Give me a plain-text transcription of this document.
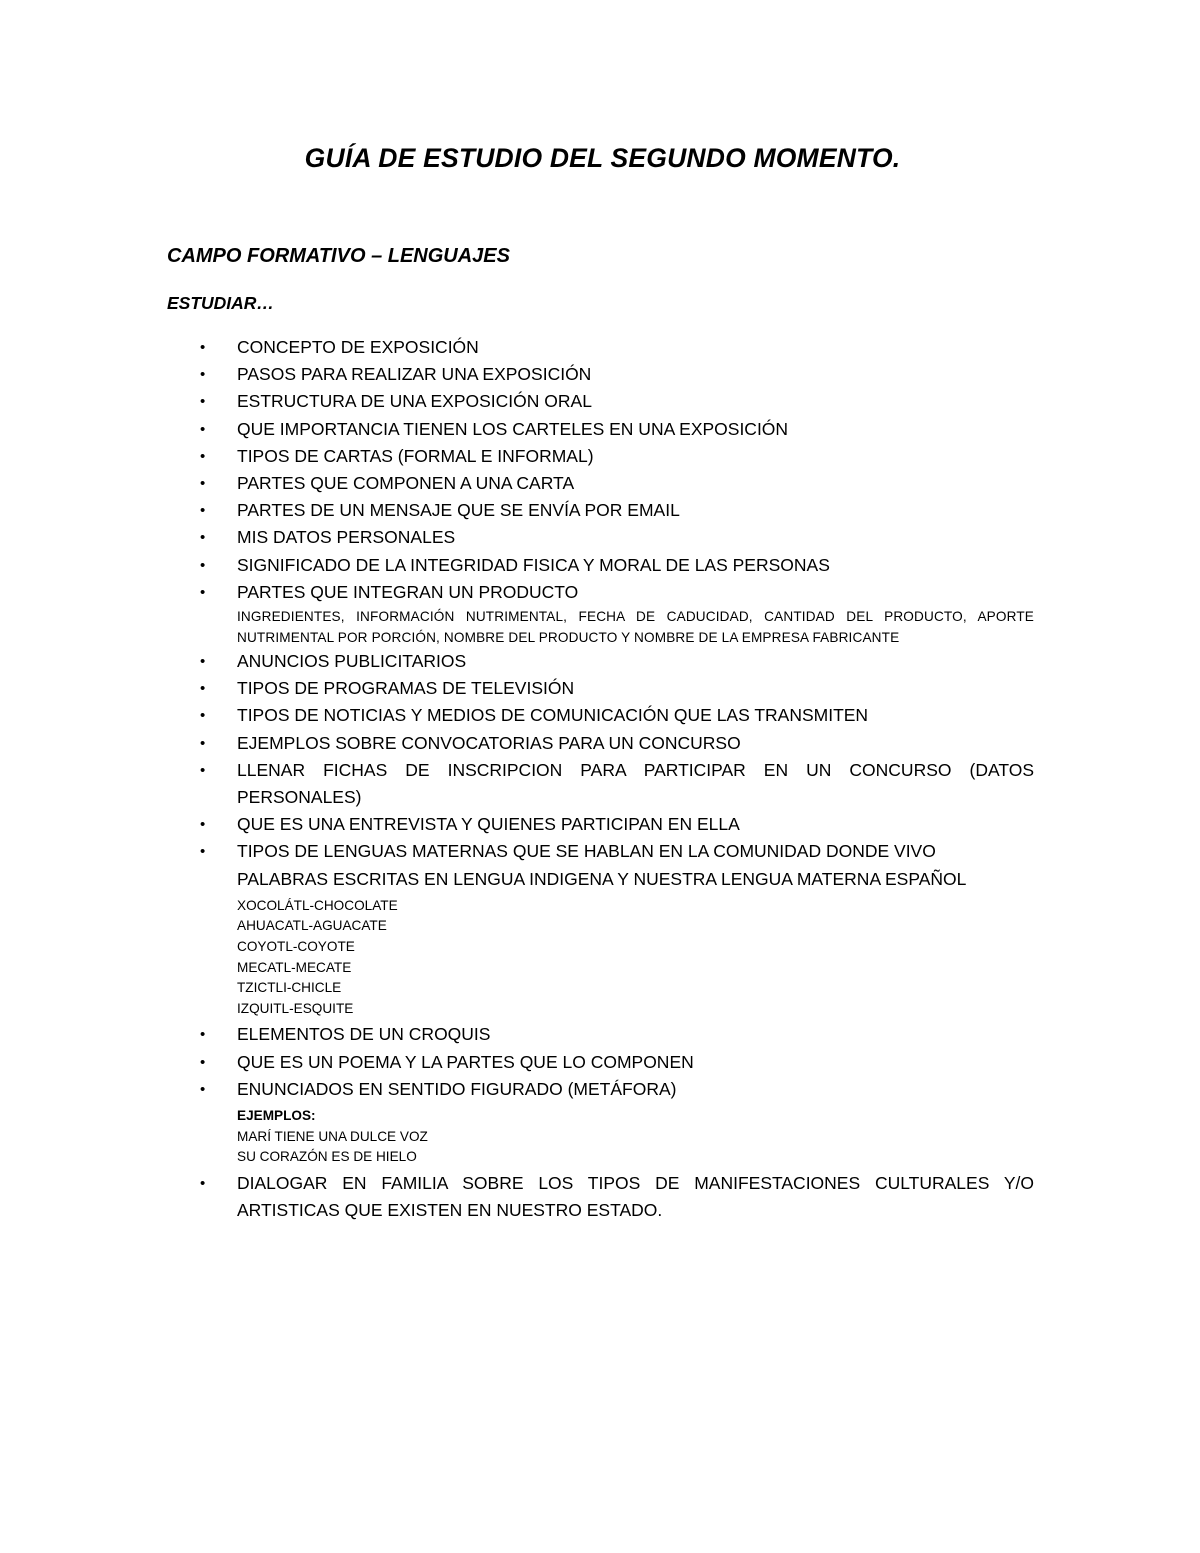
GUÍA DE ESTUDIO DEL SEGUNDO MOMENTO.
CAMPO FORMATIVO – LENGUAJES
ESTUDIAR…
• CONCEPTO DE EXPOSICIÓN
• PASOS PARA REALIZAR UNA EXPOSICIÓN
• ESTRUCTURA DE UNA EXPOSICIÓN ORAL
• QUE IMPORTANCIA TIENEN LOS CARTELES EN UNA EXPOSICIÓN
• TIPOS DE CARTAS (FORMAL E INFORMAL)
• PARTES QUE COMPONEN A UNA CARTA
• PARTES DE UN MENSAJE QUE SE ENVÍA POR EMAIL
• MIS DATOS PERSONALES
• SIGNIFICADO DE LA INTEGRIDAD FISICA Y MORAL DE LAS PERSONAS
• PARTES QUE INTEGRAN UN PRODUCTO
INGREDIENTES, INFORMACIÓN NUTRIMENTAL, FECHA DE CADUCIDAD, CANTIDAD DEL PRODUCTO, APORTE NUTRIMENTAL POR PORCIÓN, NOMBRE DEL PRODUCTO Y NOMBRE DE LA EMPRESA FABRICANTE
• ANUNCIOS PUBLICITARIOS
• TIPOS DE PROGRAMAS DE TELEVISIÓN
• TIPOS DE NOTICIAS Y MEDIOS DE COMUNICACIÓN QUE LAS TRANSMITEN
• EJEMPLOS SOBRE CONVOCATORIAS PARA UN CONCURSO
• LLENAR FICHAS DE INSCRIPCION PARA PARTICIPAR EN UN CONCURSO (DATOS PERSONALES)
• QUE ES UNA ENTREVISTA Y QUIENES PARTICIPAN EN ELLA
• TIPOS DE LENGUAS MATERNAS QUE SE HABLAN EN LA COMUNIDAD DONDE VIVO
PALABRAS ESCRITAS EN LENGUA INDIGENA Y NUESTRA LENGUA MATERNA ESPAÑOL
XOCOLÁTL-CHOCOLATE
AHUACATL-AGUACATE
COYOTL-COYOTE
MECATL-MECATE
TZICTLI-CHICLE
IZQUITL-ESQUITE
• ELEMENTOS DE UN CROQUIS
• QUE ES UN POEMA Y LA PARTES QUE LO COMPONEN
• ENUNCIADOS EN SENTIDO FIGURADO (METÁFORA)
EJEMPLOS:
MARÍ TIENE UNA DULCE VOZ
SU CORAZÓN ES DE HIELO
• DIALOGAR EN FAMILIA SOBRE LOS TIPOS DE MANIFESTACIONES CULTURALES Y/O ARTISTICAS QUE EXISTEN EN NUESTRO ESTADO.
